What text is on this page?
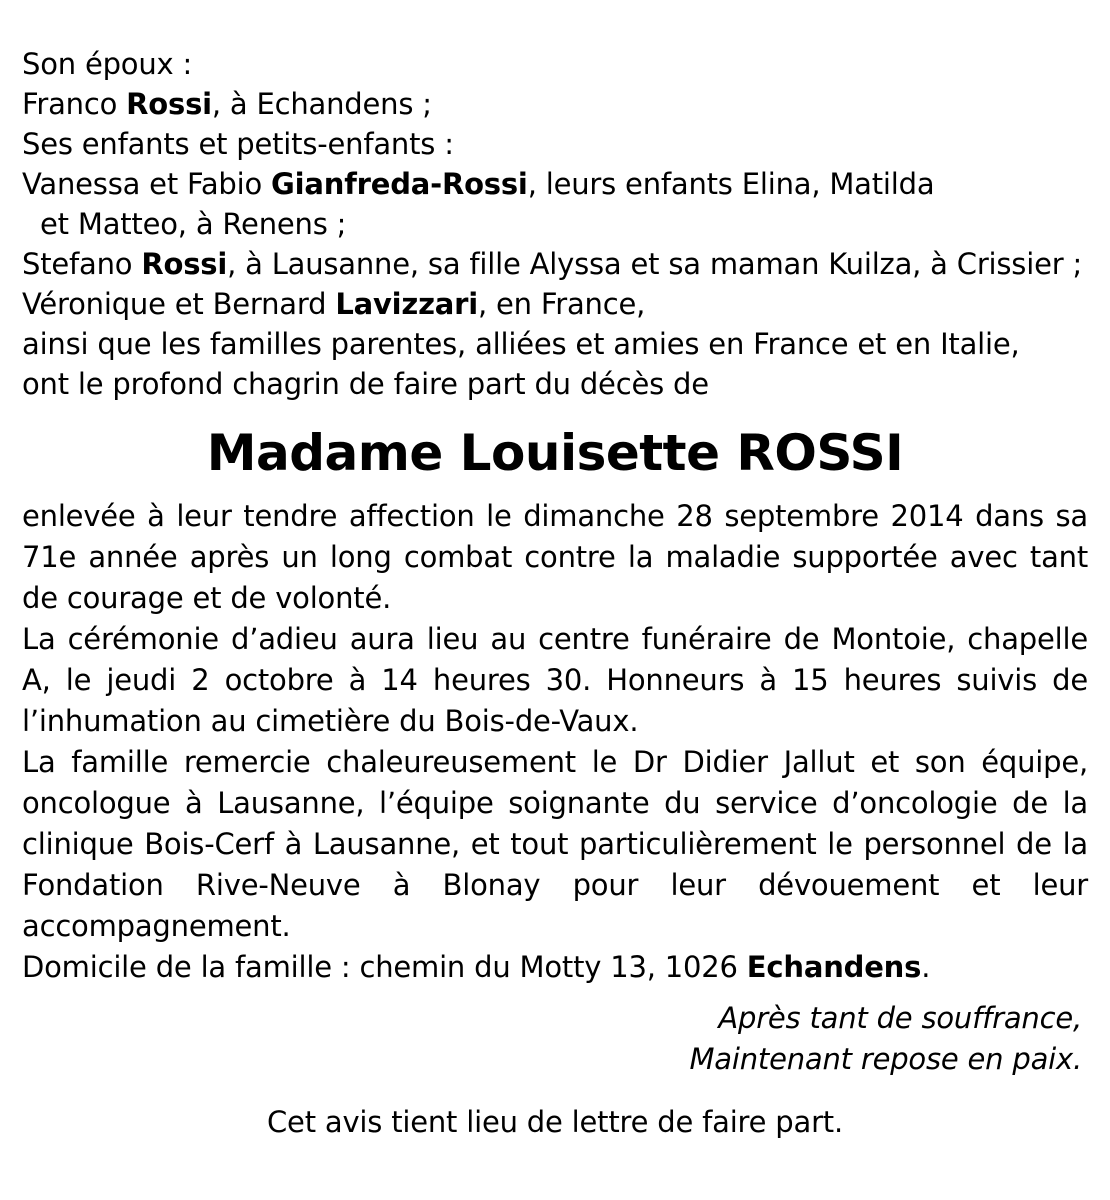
Son époux :
Franco Rossi, à Echandens ;
Ses enfants et petits-enfants :
Vanessa et Fabio Gianfreda-Rossi, leurs enfants Elina, Matilda
et Matteo, à Renens ;
Stefano Rossi, à Lausanne, sa fille Alyssa et sa maman Kuilza, à Crissier ;
Véronique et Bernard Lavizzari, en France,
ainsi que les familles parentes, alliées et amies en France et en Italie,
ont le profond chagrin de faire part du décès de
Madame Louisette ROSSI
enlevée à leur tendre affection le dimanche 28 septembre 2014 dans sa 71e année après un long combat contre la maladie supportée avec tant de courage et de volonté.
La cérémonie d’adieu aura lieu au centre funéraire de Montoie, chapelle A, le jeudi 2 octobre à 14 heures 30. Honneurs à 15 heures suivis de l’inhumation au cimetière du Bois-de-Vaux.
La famille remercie chaleureusement le Dr Didier Jallut et son équipe, oncologue à Lausanne, l’équipe soignante du service d’oncologie de la clinique Bois-Cerf à Lausanne, et tout particulièrement le personnel de la Fondation Rive-Neuve à Blonay pour leur dévouement et leur accompagnement.
Domicile de la famille : chemin du Motty 13, 1026 Echandens.
Après tant de souffrance,
Maintenant repose en paix.
Cet avis tient lieu de lettre de faire part.
